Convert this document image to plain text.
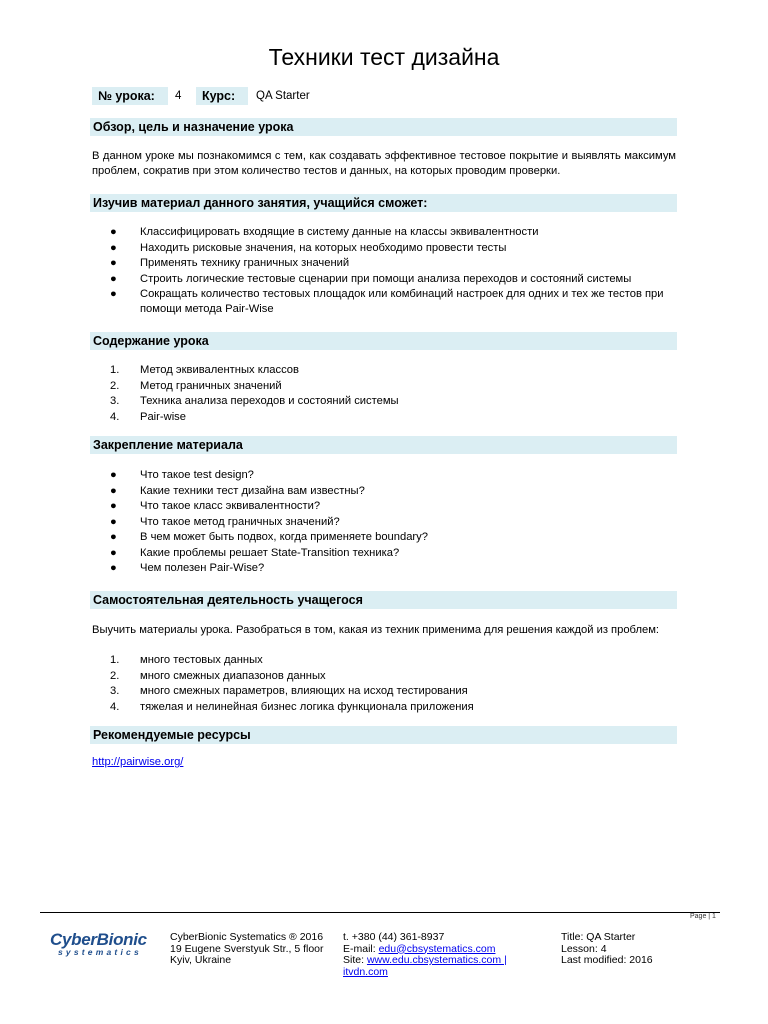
Техники тест дизайна
№ урока:	4	Курс:	QA Starter
Обзор, цель и назначение урока
В данном уроке мы познакомимся с тем, как создавать эффективное тестовое покрытие и выявлять максимум проблем, сократив при этом количество тестов и данных, на которых проводим проверки.
Изучив материал данного занятия, учащийся сможет:
●	Классифицировать входящие в систему данные на классы эквивалентности
●	Находить рисковые значения, на которых необходимо провести тесты
●	Применять технику граничных значений
●	Строить логические тестовые сценарии при помощи анализа переходов и состояний системы
●	Сокращать количество тестовых площадок или комбинаций настроек для одних и тех же тестов при помощи метода Pair-Wise
Содержание урока
1.	Метод эквивалентных классов
2.	Метод граничных значений
3.	Техника анализа переходов и состояний системы
4.	Pair-wise
Закрепление материала
●	Что такое test design?
●	Какие техники тест дизайна вам известны?
●	Что такое класс эквивалентности?
●	Что такое метод граничных значений?
●	В чем может быть подвох, когда применяете boundary?
●	Какие проблемы решает State-Transition техника?
●	Чем полезен Pair-Wise?
Самостоятельная деятельность учащегося
Выучить материалы урока. Разобраться в том, какая из техник применима для решения каждой из проблем:
1.	много тестовых данных
2.	много смежных диапазонов данных
3.	много смежных параметров, влияющих на исход тестирования
4.	тяжелая и нелинейная бизнес логика функционала приложения
Рекомендуемые ресурсы
http://pairwise.org/
Page | 1
CyberBionic
systematics
CyberBionic Systematics ® 2016
19 Eugene Sverstyuk Str., 5 floor
Kyiv, Ukraine
t. +380 (44) 361-8937
E-mail: edu@cbsystematics.com
Site: www.edu.cbsystematics.com |
itvdn.com
Title: QA Starter
Lesson: 4
Last modified: 2016
